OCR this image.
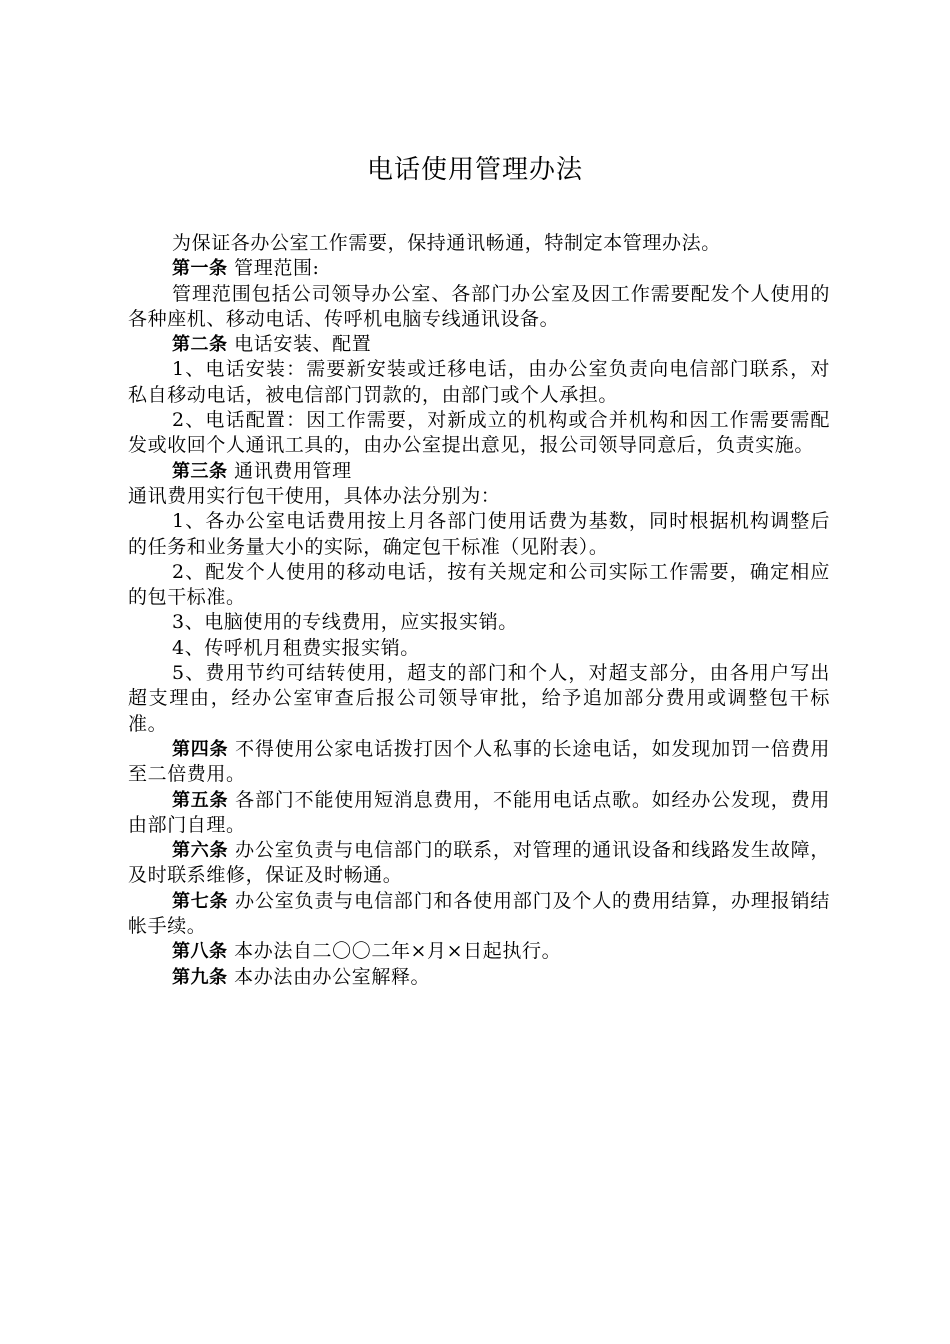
电话使用管理办法

为保证各办公室工作需要，保持通讯畅通，特制定本管理办法。

第一条 管理范围:

管理范围包括公司领导办公室、各部门办公室及因工作需要配发个人使用的各种座机、移动电话、传呼机电脑专线通讯设备。

第二条 电话安装、配置

1、电话安装：需要新安装或迁移电话，由办公室负责向电信部门联系，对私自移动电话，被电信部门罚款的，由部门或个人承担。

2、电话配置：因工作需要，对新成立的机构或合并机构和因工作需要需配发或收回个人通讯工具的，由办公室提出意见，报公司领导同意后，负责实施。

第三条 通讯费用管理

通讯费用实行包干使用，具体办法分别为：

1、各办公室电话费用按上月各部门使用话费为基数，同时根据机构调整后的任务和业务量大小的实际，确定包干标准（见附表）。

2、配发个人使用的移动电话，按有关规定和公司实际工作需要，确定相应的包干标准。

3、电脑使用的专线费用，应实报实销。

4、传呼机月租费实报实销。

5、费用节约可结转使用，超支的部门和个人，对超支部分，由各用户写出超支理由，经办公室审查后报公司领导审批，给予追加部分费用或调整包干标准。

第四条 不得使用公家电话拨打因个人私事的长途电话，如发现加罚一倍费用至二倍费用。

第五条 各部门不能使用短消息费用，不能用电话点歌。如经办公发现，费用由部门自理。

第六条 办公室负责与电信部门的联系，对管理的通讯设备和线路发生故障，及时联系维修，保证及时畅通。

第七条 办公室负责与电信部门和各使用部门及个人的费用结算，办理报销结帐手续。

第八条 本办法自二〇〇二年×月×日起执行。

第九条 本办法由办公室解释。
